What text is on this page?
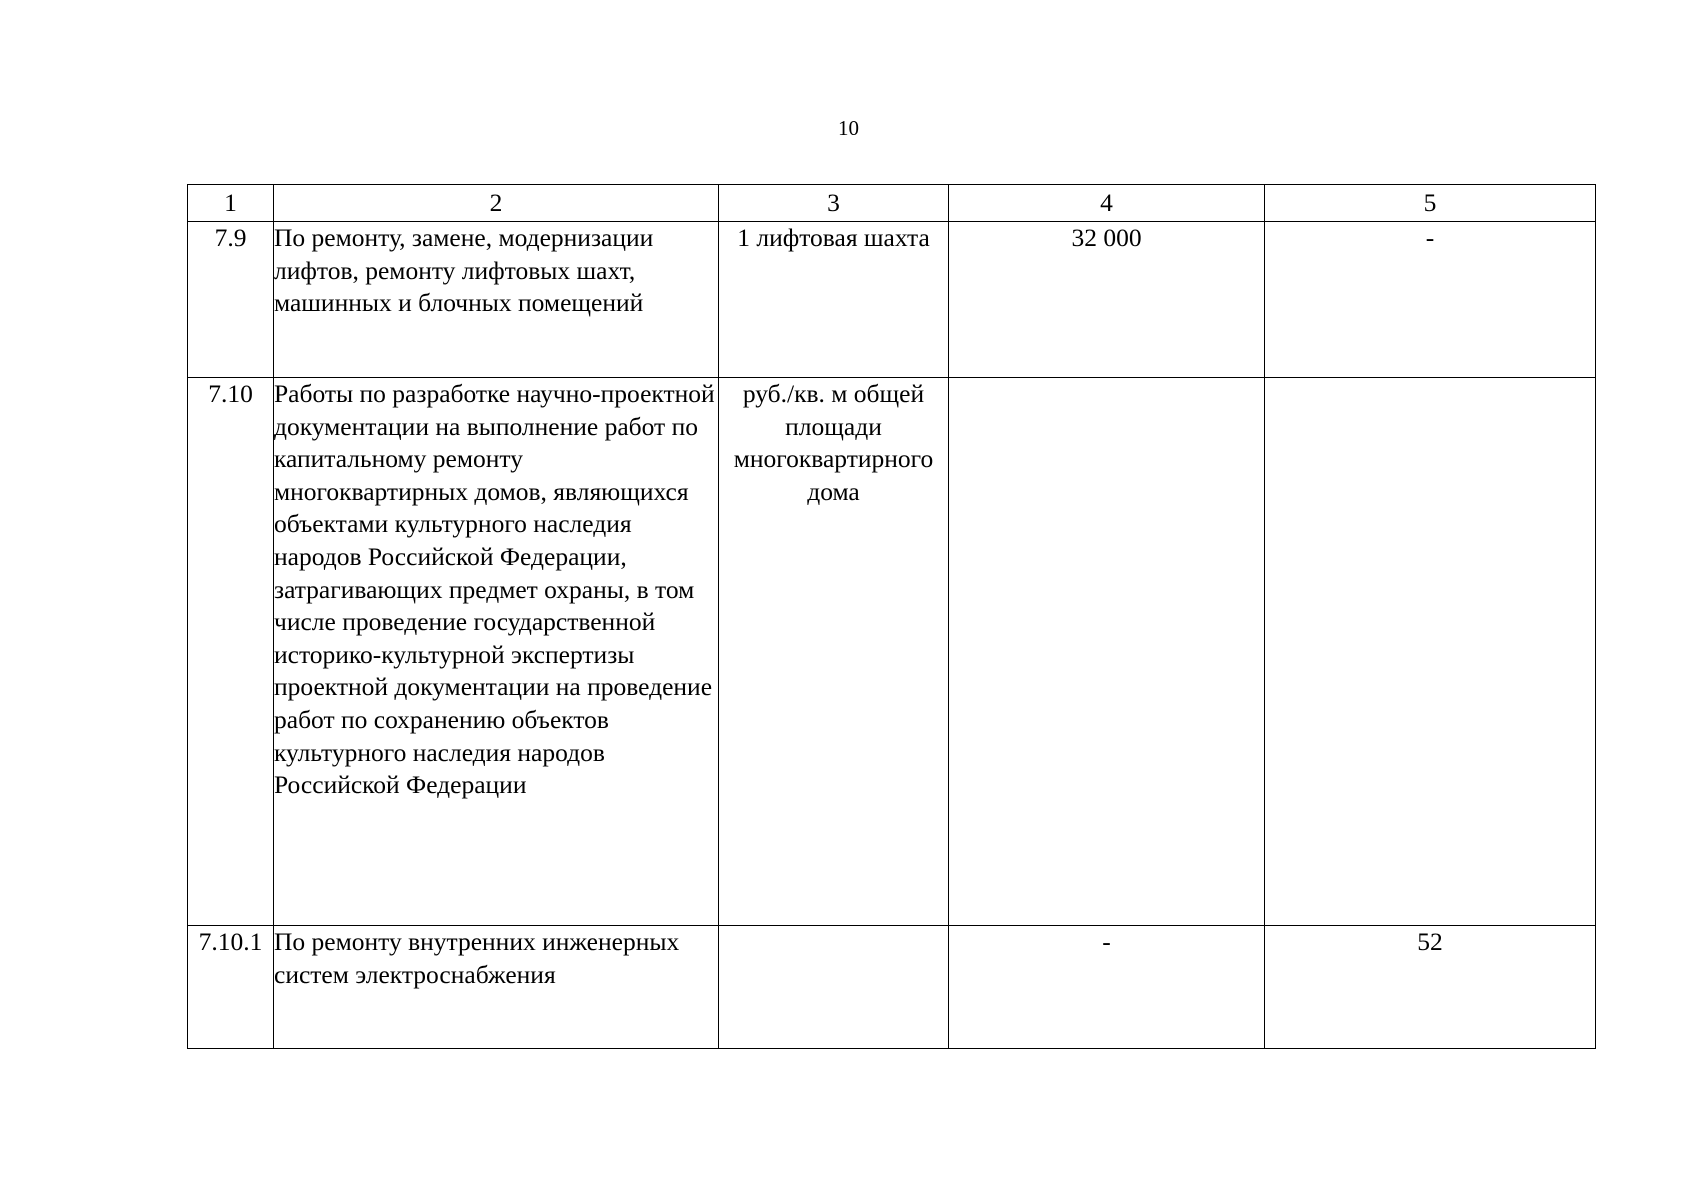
10
1	2	3	4	5
7.9	По ремонту, замене, модернизации лифтов, ремонту лифтовых шахт, машинных и блочных помещений	1 лифтовая шахта	32 000	-
7.10	Работы по разработке научно-проектной документации на выполнение работ по капитальному ремонту многоквартирных домов, являющихся объектами культурного наследия народов Российской Федерации, затрагивающих предмет охраны, в том числе проведение государственной историко-культурной экспертизы проектной документации на проведение работ по сохранению объектов культурного наследия народов Российской Федерации	руб./кв. м общей площади многоквартирного дома		
7.10.1	По ремонту внутренних инженерных систем электроснабжения		-	52
